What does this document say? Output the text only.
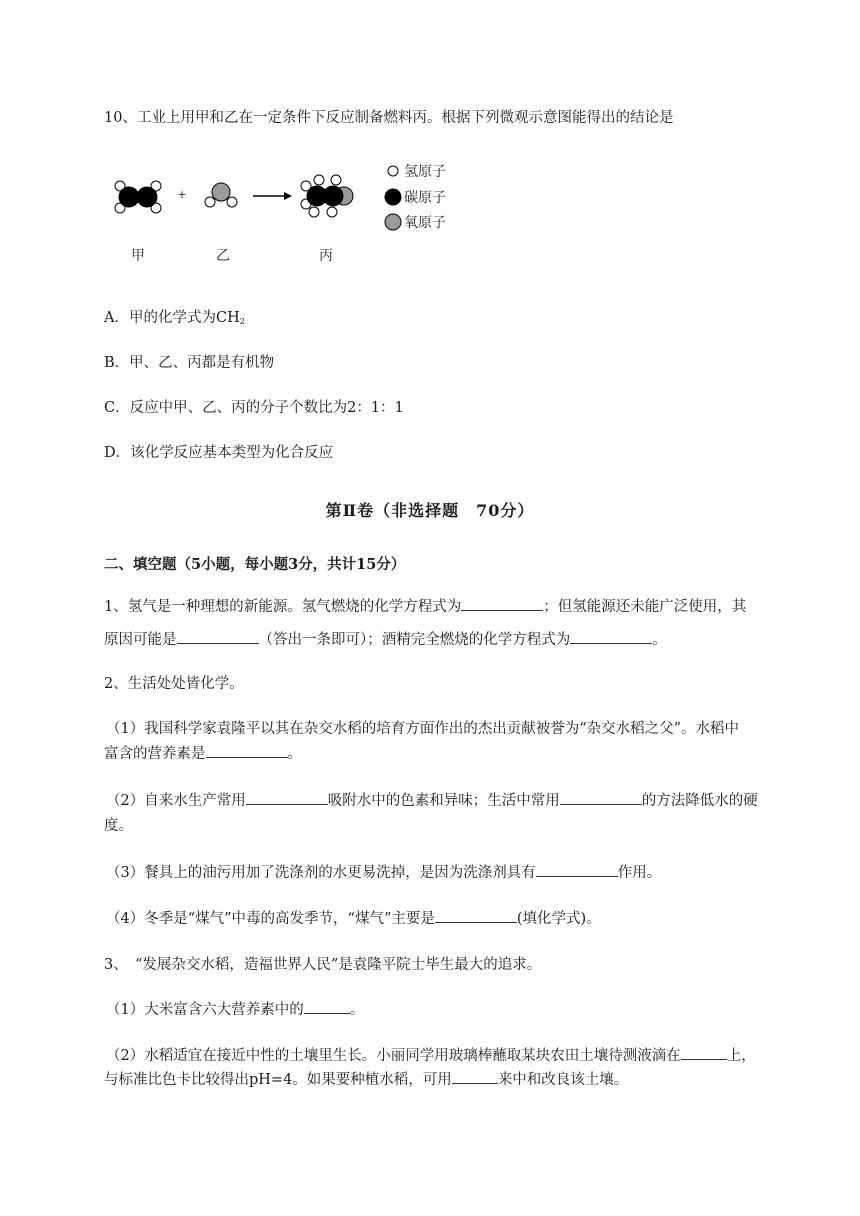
10、工业上用甲和乙在一定条件下反应制备燃料丙。根据下列微观示意图能得出的结论是
+
氢原子
碳原子
氧原子
甲	乙	丙
A．甲的化学式为$CH_2$
B．甲、乙、丙都是有机物
C．反应中甲、乙、丙的分子个数比为2：1：1
D．该化学反应基本类型为化合反应
第Ⅱ卷（非选择题　70分）
二、填空题（5小题，每小题3分，共计15分）
1、氢气是一种理想的新能源。氢气燃烧的化学方程式为	；但氢能源还未能广泛使用，其
原因可能是	（答出一条即可）；酒精完全燃烧的化学方程式为	。
2、生活处处皆化学。
（1）我国科学家袁隆平以其在杂交水稻的培育方面作出的杰出贡献被誉为“杂交水稻之父”。水稻中
富含的营养素是	。
（2）自来水生产常用	吸附水中的色素和异味；生活中常用	的方法降低水的硬
度。
（3）餐具上的油污用加了洗涤剂的水更易洗掉，是因为洗涤剂具有	作用。
（4）冬季是“煤气”中毒的高发季节，“煤气”主要是	(填化学式)。
3、　“发展杂交水稻，造福世界人民”是袁隆平院士毕生最大的追求。
（1）大米富含六大营养素中的	。
（2）水稻适宜在接近中性的土壤里生长。小丽同学用玻璃棒蘸取某块农田土壤待测液滴在	上，
与标准比色卡比较得出pH=4。如果要种植水稻，可用	来中和改良该土壤。
